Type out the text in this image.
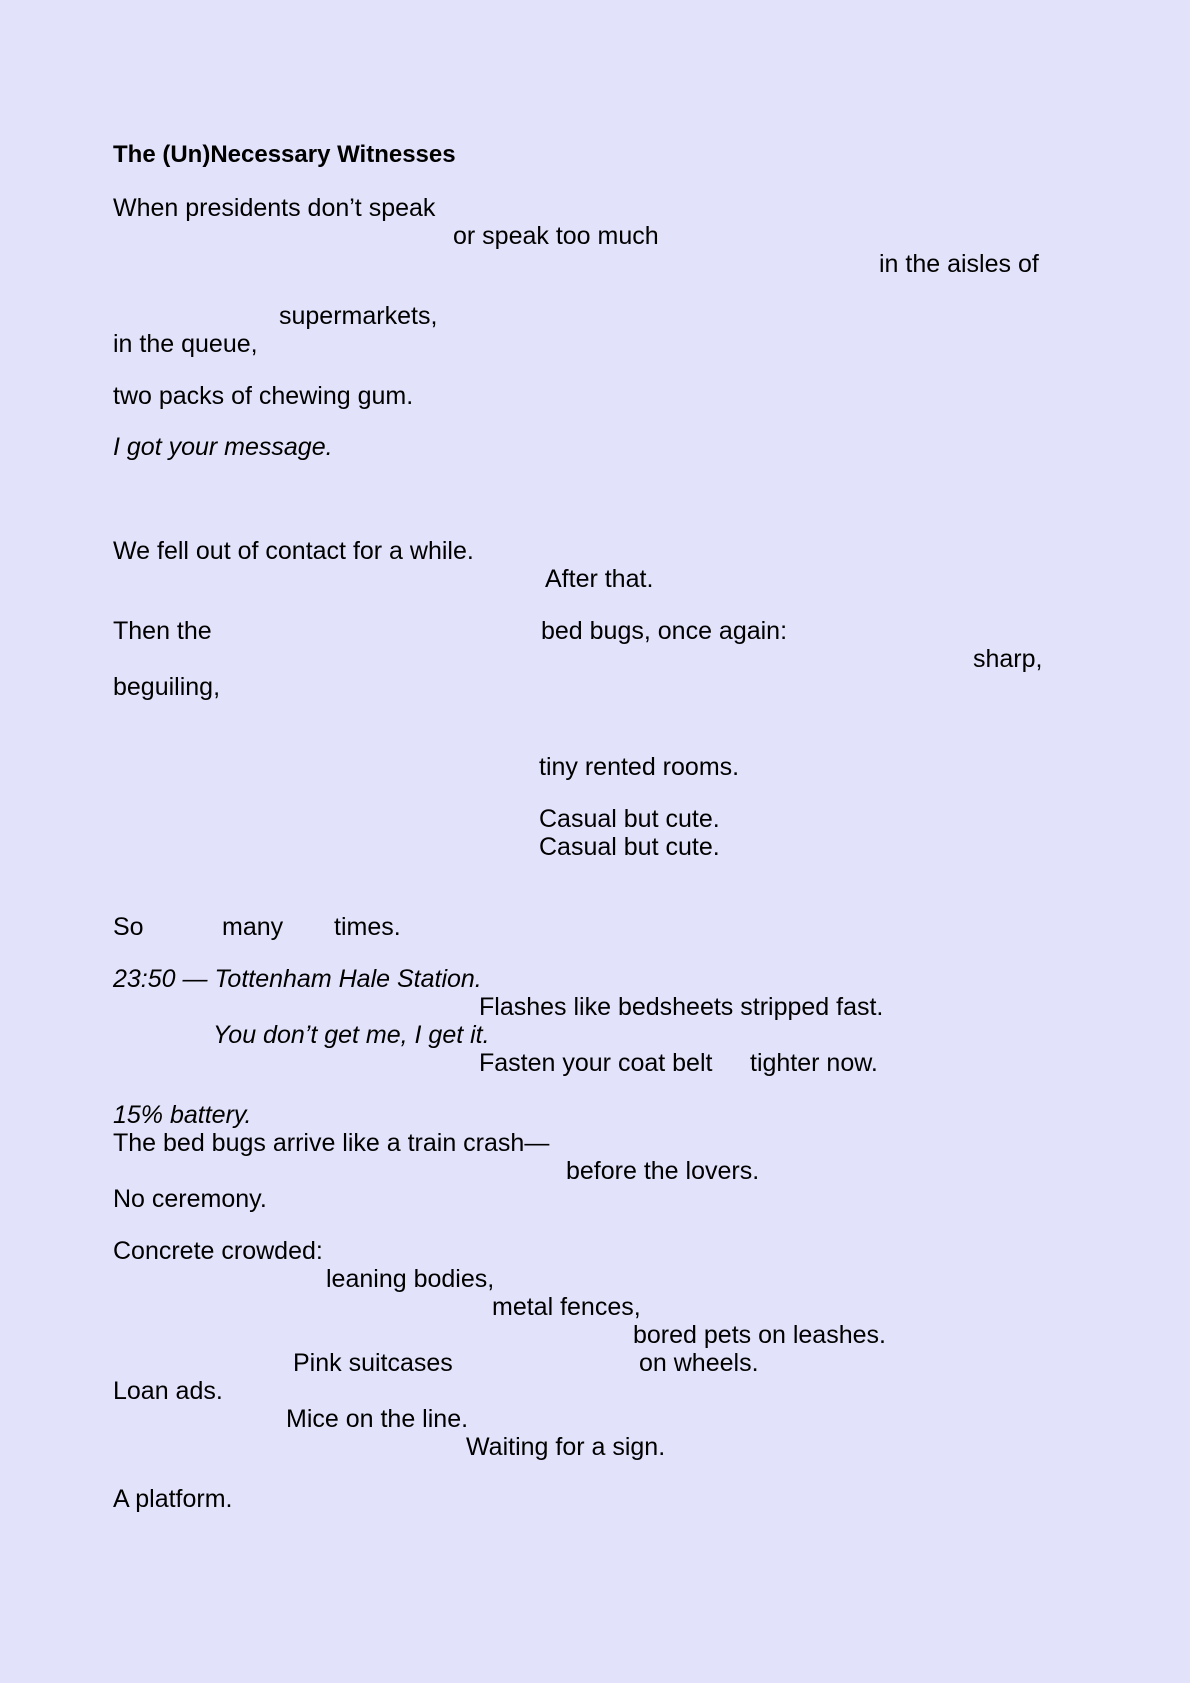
The (Un)Necessary Witnesses
When presidents don’t speak
or speak too much
in the aisles of
supermarkets,
in the queue,
two packs of chewing gum.
I got your message.
We fell out of contact for a while.
After that.
Then the	bed bugs, once again:
sharp,
beguiling,
tiny rented rooms.
Casual but cute.
Casual but cute.
So	many times.
23:50 — Tottenham Hale Station.
Flashes like bedsheets stripped fast.
You don’t get me, I get it.
Fasten your coat belt tighter now.
15% battery.
The bed bugs arrive like a train crash—
before the lovers.
No ceremony.
Concrete crowded:
leaning bodies,
metal fences,
bored pets on leashes.
Pink suitcases	on wheels.
Loan ads.
Mice on the line.
Waiting for a sign.
A platform.
